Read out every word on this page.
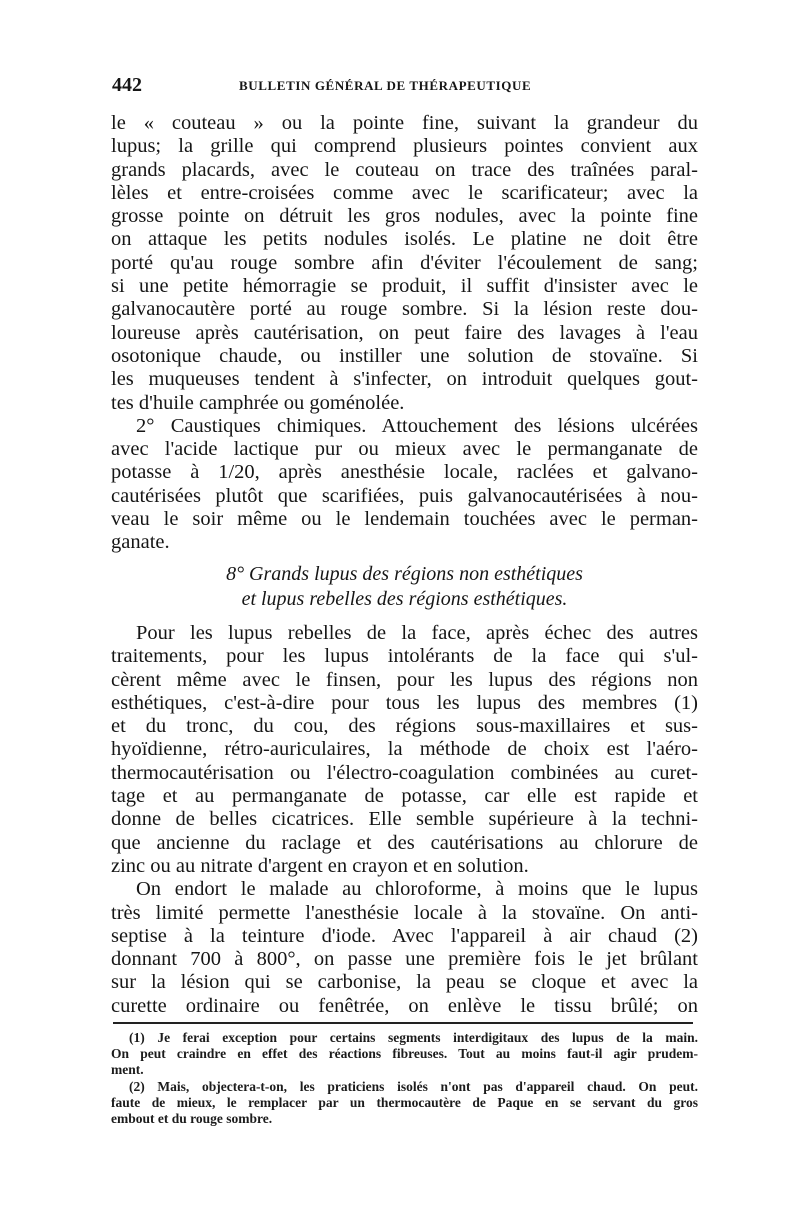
442	BULLETIN GÉNÉRAL DE THÉRAPEUTIQUE
le « couteau » ou la pointe fine, suivant la grandeur du
lupus; la grille qui comprend plusieurs pointes convient aux
grands placards, avec le couteau on trace des traînées paral-
lèles et entre-croisées comme avec le scarificateur; avec la
grosse pointe on détruit les gros nodules, avec la pointe fine
on attaque les petits nodules isolés. Le platine ne doit être
porté qu'au rouge sombre afin d'éviter l'écoulement de sang;
si une petite hémorragie se produit, il suffit d'insister avec le
galvanocautère porté au rouge sombre. Si la lésion reste dou-
loureuse après cautérisation, on peut faire des lavages à l'eau
osotonique chaude, ou instiller une solution de stovaïne. Si
les muqueuses tendent à s'infecter, on introduit quelques gout-
tes d'huile camphrée ou goménolée.
2° Caustiques chimiques. Attouchement des lésions ulcérées
avec l'acide lactique pur ou mieux avec le permanganate de
potasse à 1/20, après anesthésie locale, raclées et galvano-
cautérisées plutôt que scarifiées, puis galvanocautérisées à nou-
veau le soir même ou le lendemain touchées avec le perman-
ganate.
8° Grands lupus des régions non esthétiques
et lupus rebelles des régions esthétiques.
Pour les lupus rebelles de la face, après échec des autres
traitements, pour les lupus intolérants de la face qui s'ul-
cèrent même avec le finsen, pour les lupus des régions non
esthétiques, c'est-à-dire pour tous les lupus des membres (1)
et du tronc, du cou, des régions sous-maxillaires et sus-
hyoïdienne, rétro-auriculaires, la méthode de choix est l'aéro-
thermocautérisation ou l'électro-coagulation combinées au curet-
tage et au permanganate de potasse, car elle est rapide et
donne de belles cicatrices. Elle semble supérieure à la techni-
que ancienne du raclage et des cautérisations au chlorure de
zinc ou au nitrate d'argent en crayon et en solution.
On endort le malade au chloroforme, à moins que le lupus
très limité permette l'anesthésie locale à la stovaïne. On anti-
septise à la teinture d'iode. Avec l'appareil à air chaud (2)
donnant 700 à 800°, on passe une première fois le jet brûlant
sur la lésion qui se carbonise, la peau se cloque et avec la
curette ordinaire ou fenêtrée, on enlève le tissu brûlé; on
(1) Je ferai exception pour certains segments interdigitaux des lupus de la main.
On peut craindre en effet des réactions fibreuses. Tout au moins faut-il agir prudem-
ment.
(2) Mais, objectera-t-on, les praticiens isolés n'ont pas d'appareil chaud. On peut.
faute de mieux, le remplacer par un thermocautère de Paque en se servant du gros
embout et du rouge sombre.
